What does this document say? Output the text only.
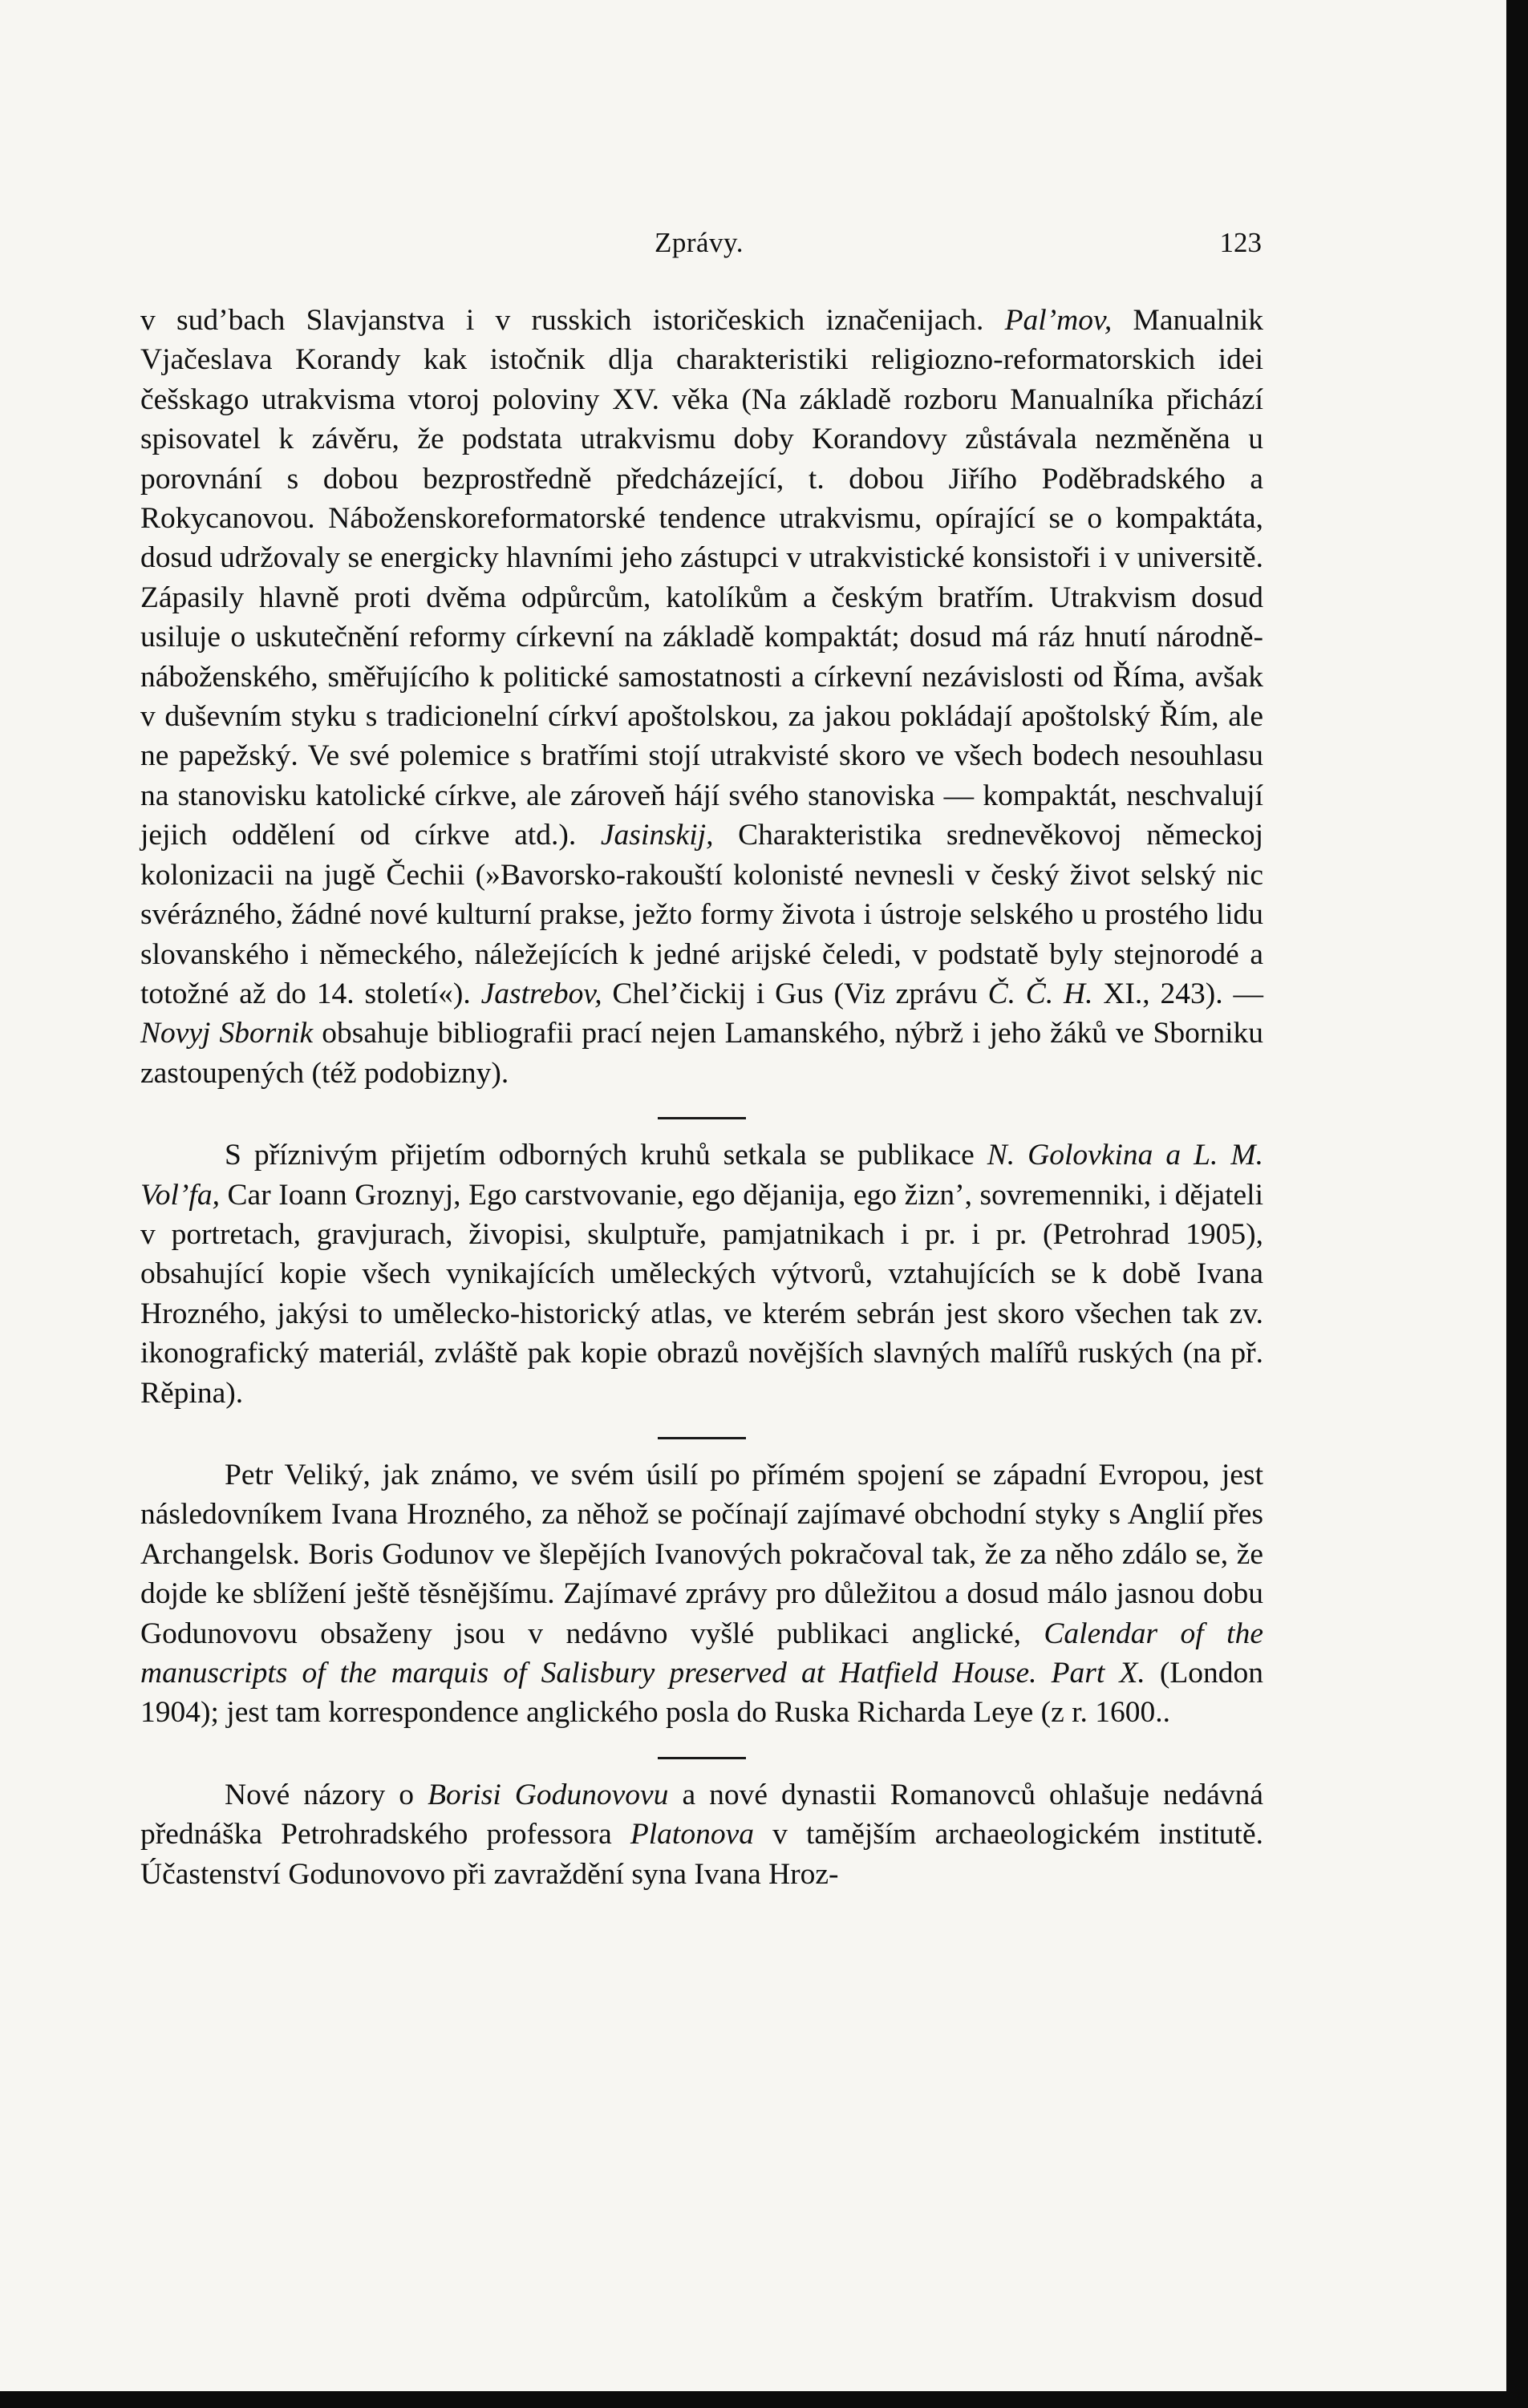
Zprávy.	123

v sud’bach Slavjanstva i v russkich istoričeskich iznačenijach. Pal’mov, Manualnik Vjačeslava Korandy kak istočnik dlja charakteristiki religiozno-reformatorskich idei češskago utrakvisma vtoroj poloviny XV. věka (Na základě rozboru Manualníka přichází spisovatel k závěru, že podstata utrakvismu doby Korandovy zůstávala nezměněna u porovnání s dobou bezprostředně předcházející, t. dobou Jiřího Poděbradského a Rokycanovou. Náboženskoreformatorské tendence utrakvismu, opírající se o kompaktáta, dosud udržovaly se energicky hlavními jeho zástupci v utrakvistické konsistoři i v universitě. Zápasily hlavně proti dvěma odpůrcům, katolíkům a českým bratřím. Utrakvism dosud usiluje o uskutečnění reformy církevní na základě kompaktát; dosud má ráz hnutí národně-náboženského, směřujícího k politické samostatnosti a církevní nezávislosti od Říma, avšak v duševním styku s tradicionelní církví apoštolskou, za jakou pokládají apoštolský Řím, ale ne papežský. Ve své polemice s bratřími stojí utrakvisté skoro ve všech bodech nesouhlasu na stanovisku katolické církve, ale zároveň hájí svého stanoviska — kompaktát, neschvalují jejich oddělení od církve atd.). Jasinskij, Charakteristika srednevěkovoj německoj kolonizacii na jugě Čechii (»Bavorsko-rakouští kolonisté nevnesli v český život selský nic svérázného, žádné nové kulturní prakse, ježto formy života i ústroje selského u prostého lidu slovanského i německého, náležejících k jedné arijské čeledi, v podstatě byly stejnorodé a totožné až do 14. století«). Jastrebov, Chel’čickij i Gus (Viz zprávu Č. Č. H. XI., 243). — Novyj Sbornik obsahuje bibliografii prací nejen Lamanského, nýbrž i jeho žáků ve Sborniku zastoupených (též podobizny).

S příznivým přijetím odborných kruhů setkala se publikace N. Golovkina a L. M. Vol’fa, Car Ioann Groznyj, Ego carstvovanie, ego dějanija, ego žizn’, sovremenniki, i dějateli v portretach, gravjurach, živopisi, skulptuře, pamjatnikach i pr. i pr. (Petrohrad 1905), obsahující kopie všech vynikajících uměleckých výtvorů, vztahujících se k době Ivana Hrozného, jakýsi to umělecko-historický atlas, ve kterém sebrán jest skoro všechen tak zv. ikonografický materiál, zvláště pak kopie obrazů novějších slavných malířů ruských (na př. Rěpina).

Petr Veliký, jak známo, ve svém úsilí po přímém spojení se západní Evropou, jest následovníkem Ivana Hrozného, za něhož se počínají zajímavé obchodní styky s Anglií přes Archangelsk. Boris Godunov ve šlepějích Ivanových pokračoval tak, že za něho zdálo se, že dojde ke sblížení ještě těsnějšímu. Zajímavé zprávy pro důležitou a dosud málo jasnou dobu Godunovovu obsaženy jsou v nedávno vyšlé publikaci anglické, Calendar of the manuscripts of the marquis of Salisbury preserved at Hatfield House. Part X. (London 1904); jest tam korrespondence anglického posla do Ruska Richarda Leye (z r. 1600..

Nové názory o Borisi Godunovovu a nové dynastii Romanovců ohlašuje nedávná přednáška Petrohradského professora Platonova v tamějším archaeologickém institutě. Účastenství Godunovovo při zavraždění syna Ivana Hroz-
